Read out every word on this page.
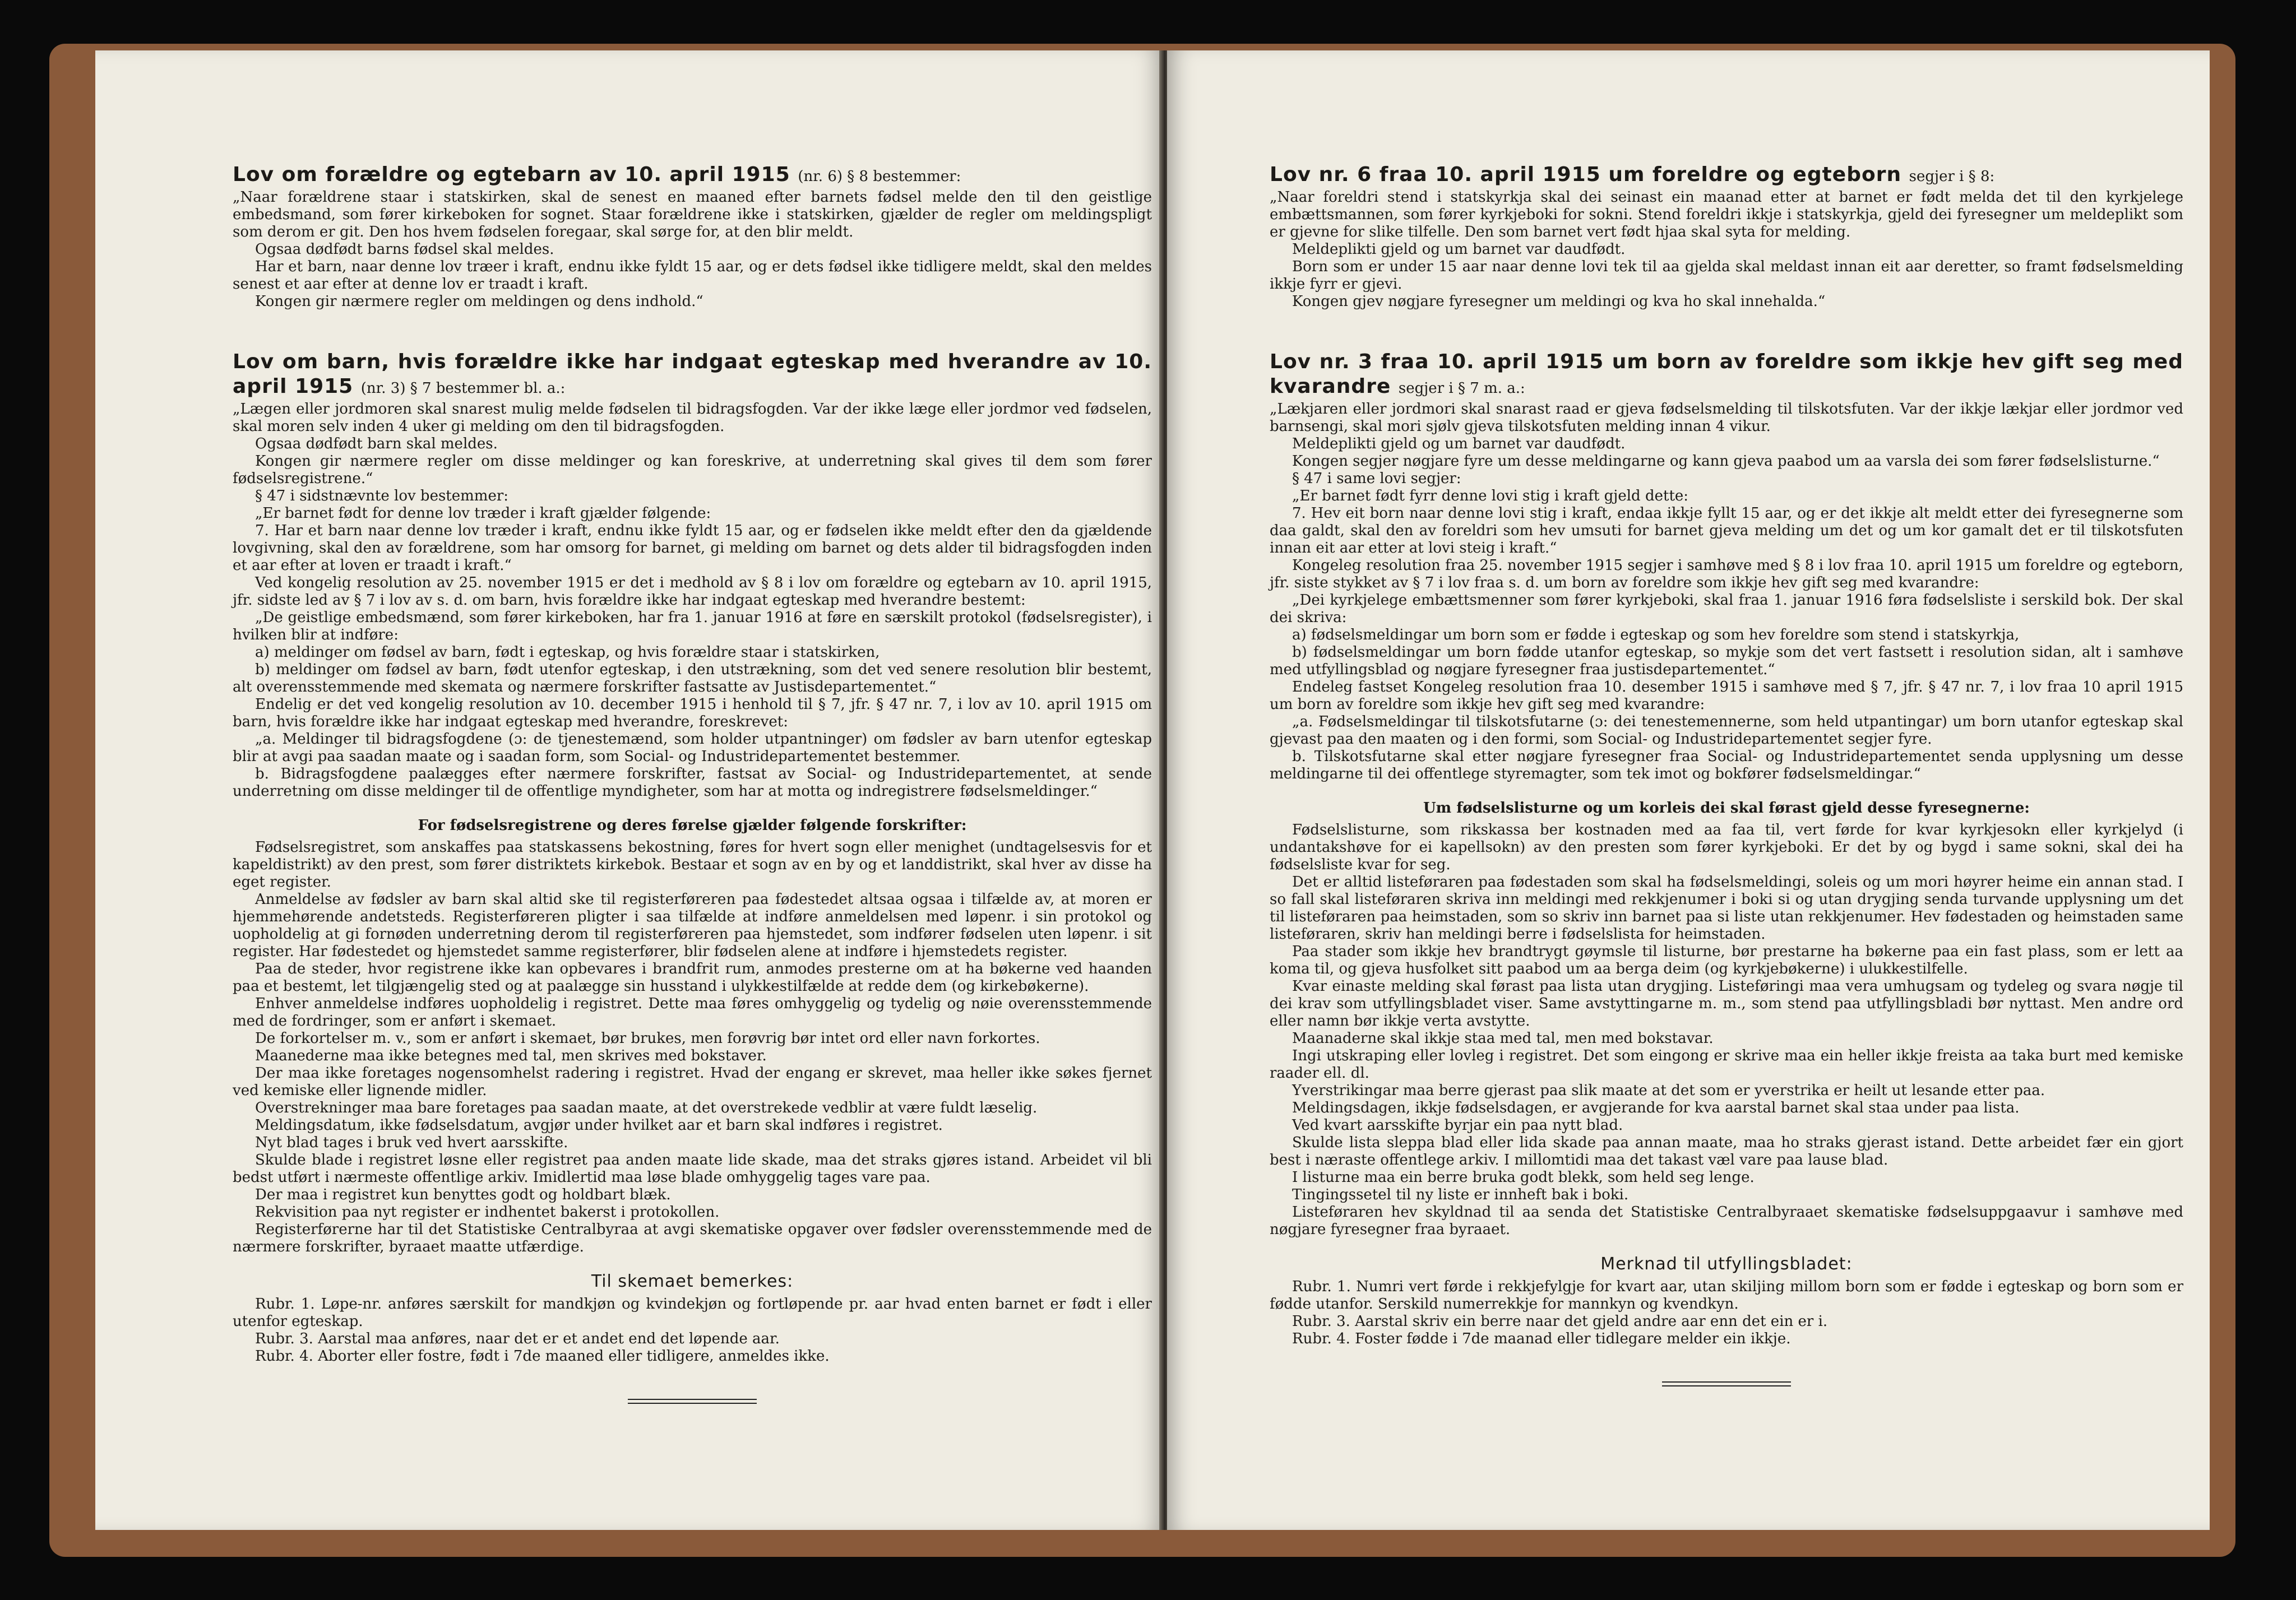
Lov om forældre og egtebarn av 10. april 1915 (nr. 6) § 8 bestemmer:

„Naar forældrene staar i statskirken, skal de senest en maaned efter barnets fødsel melde den til den geistlige embedsmand, som fører kirkeboken for sognet. Staar forældrene ikke i statskirken, gjælder de regler om meldingspligt som derom er git. Den hos hvem fødselen foregaar, skal sørge for, at den blir meldt.

Ogsaa dødfødt barns fødsel skal meldes.

Har et barn, naar denne lov træer i kraft, endnu ikke fyldt 15 aar, og er dets fødsel ikke tidligere meldt, skal den meldes senest et aar efter at denne lov er traadt i kraft.

Kongen gir nærmere regler om meldingen og dens indhold.“

Lov om barn, hvis forældre ikke har indgaat egteskap med hverandre av 10. april 1915 (nr. 3) § 7 bestemmer bl. a.:

„Lægen eller jordmoren skal snarest mulig melde fødselen til bidragsfogden. Var der ikke læge eller jordmor ved fødselen, skal moren selv inden 4 uker gi melding om den til bidragsfogden.

Ogsaa dødfødt barn skal meldes.

Kongen gir nærmere regler om disse meldinger og kan foreskrive, at underretning skal gives til dem som fører fødselsregistrene.“

§ 47 i sidstnævnte lov bestemmer:

„Er barnet født for denne lov træder i kraft gjælder følgende:

7. Har et barn naar denne lov træder i kraft, endnu ikke fyldt 15 aar, og er fødselen ikke meldt efter den da gjældende lovgivning, skal den av forældrene, som har omsorg for barnet, gi melding om barnet og dets alder til bidragsfogden inden et aar efter at loven er traadt i kraft.“

Ved kongelig resolution av 25. november 1915 er det i medhold av § 8 i lov om forældre og egtebarn av 10. april 1915, jfr. sidste led av § 7 i lov av s. d. om barn, hvis forældre ikke har indgaat egteskap med hverandre bestemt:

„De geistlige embedsmænd, som fører kirkeboken, har fra 1. januar 1916 at føre en særskilt protokol (fødselsregister), i hvilken blir at indføre:

a) meldinger om fødsel av barn, født i egteskap, og hvis forældre staar i statskirken,

b) meldinger om fødsel av barn, født utenfor egteskap, i den utstrækning, som det ved senere resolution blir bestemt, alt overensstemmende med skemata og nærmere forskrifter fastsatte av Justisdepartementet.“

Endelig er det ved kongelig resolution av 10. december 1915 i henhold til § 7, jfr. § 47 nr. 7, i lov av 10. april 1915 om barn, hvis forældre ikke har indgaat egteskap med hverandre, foreskrevet:

„a. Meldinger til bidragsfogdene (ɔ: de tjenestemænd, som holder utpantninger) om fødsler av barn utenfor egteskap blir at avgi paa saadan maate og i saadan form, som Social- og Industridepartementet bestemmer.

b. Bidragsfogdene paalægges efter nærmere forskrifter, fastsat av Social- og Industridepartementet, at sende underretning om disse meldinger til de offentlige myndigheter, som har at motta og indregistrere fødselsmeldinger.“

For fødselsregistrene og deres førelse gjælder følgende forskrifter:

Fødselsregistret, som anskaffes paa statskassens bekostning, føres for hvert sogn eller menighet (undtagelsesvis for et kapeldistrikt) av den prest, som fører distriktets kirkebok. Bestaar et sogn av en by og et landdistrikt, skal hver av disse ha eget register.

Anmeldelse av fødsler av barn skal altid ske til registerføreren paa fødestedet altsaa ogsaa i tilfælde av, at moren er hjemmehørende andetsteds. Registerføreren pligter i saa tilfælde at indføre anmeldelsen med løpenr. i sin protokol og uopholdelig at gi fornøden underretning derom til registerføreren paa hjemstedet, som indfører fødselen uten løpenr. i sit register. Har fødestedet og hjemstedet samme registerfører, blir fødselen alene at indføre i hjemstedets register.

Paa de steder, hvor registrene ikke kan opbevares i brandfrit rum, anmodes presterne om at ha bøkerne ved haanden paa et bestemt, let tilgjængelig sted og at paalægge sin husstand i ulykkestilfælde at redde dem (og kirkebøkerne).

Enhver anmeldelse indføres uopholdelig i registret. Dette maa føres omhyggelig og tydelig og nøie overensstemmende med de fordringer, som er anført i skemaet.

De forkortelser m. v., som er anført i skemaet, bør brukes, men forøvrig bør intet ord eller navn forkortes.

Maanederne maa ikke betegnes med tal, men skrives med bokstaver.

Der maa ikke foretages nogensomhelst radering i registret. Hvad der engang er skrevet, maa heller ikke søkes fjernet ved kemiske eller lignende midler.

Overstrekninger maa bare foretages paa saadan maate, at det overstrekede vedblir at være fuldt læselig.

Meldingsdatum, ikke fødselsdatum, avgjør under hvilket aar et barn skal indføres i registret.

Nyt blad tages i bruk ved hvert aarsskifte.

Skulde blade i registret løsne eller registret paa anden maate lide skade, maa det straks gjøres istand. Arbeidet vil bli bedst utført i nærmeste offentlige arkiv. Imidlertid maa løse blade omhyggelig tages vare paa.

Der maa i registret kun benyttes godt og holdbart blæk.

Rekvisition paa nyt register er indhentet bakerst i protokollen.

Registerførerne har til det Statistiske Centralbyraa at avgi skematiske opgaver over fødsler overensstemmende med de nærmere forskrifter, byraaet maatte utfærdige.

Til skemaet bemerkes:

Rubr. 1. Løpe-nr. anføres særskilt for mandkjøn og kvindekjøn og fortløpende pr. aar hvad enten barnet er født i eller utenfor egteskap.

Rubr. 3. Aarstal maa anføres, naar det er et andet end det løpende aar.

Rubr. 4. Aborter eller fostre, født i 7de maaned eller tidligere, anmeldes ikke.

Lov nr. 6 fraa 10. april 1915 um foreldre og egteborn segjer i § 8:

„Naar foreldri stend i statskyrkja skal dei seinast ein maanad etter at barnet er født melda det til den kyrkjelege embættsmannen, som fører kyrkjeboki for sokni. Stend foreldri ikkje i statskyrkja, gjeld dei fyresegner um meldeplikt som er gjevne for slike tilfelle. Den som barnet vert født hjaa skal syta for melding.

Meldeplikti gjeld og um barnet var daudfødt.

Born som er under 15 aar naar denne lovi tek til aa gjelda skal meldast innan eit aar deretter, so framt fødselsmelding ikkje fyrr er gjevi.

Kongen gjev nøgjare fyresegner um meldingi og kva ho skal innehalda.“

Lov nr. 3 fraa 10. april 1915 um born av foreldre som ikkje hev gift seg med kvarandre segjer i § 7 m. a.:

„Lækjaren eller jordmori skal snarast raad er gjeva fødselsmelding til tilskotsfuten. Var der ikkje lækjar eller jordmor ved barnsengi, skal mori sjølv gjeva tilskotsfuten melding innan 4 vikur.

Meldeplikti gjeld og um barnet var daudfødt.

Kongen segjer nøgjare fyre um desse meldingarne og kann gjeva paabod um aa varsla dei som fører fødselslisturne.“

§ 47 i same lovi segjer:

„Er barnet født fyrr denne lovi stig i kraft gjeld dette:

7. Hev eit born naar denne lovi stig i kraft, endaa ikkje fyllt 15 aar, og er det ikkje alt meldt etter dei fyresegnerne som daa galdt, skal den av foreldri som hev umsuti for barnet gjeva melding um det og um kor gamalt det er til tilskotsfuten innan eit aar etter at lovi steig i kraft.“

Kongeleg resolution fraa 25. november 1915 segjer i samhøve med § 8 i lov fraa 10. april 1915 um foreldre og egteborn, jfr. siste stykket av § 7 i lov fraa s. d. um born av foreldre som ikkje hev gift seg med kvarandre:

„Dei kyrkjelege embættsmenner som fører kyrkjeboki, skal fraa 1. januar 1916 føra fødselsliste i serskild bok. Der skal dei skriva:

a) fødselsmeldingar um born som er fødde i egteskap og som hev foreldre som stend i statskyrkja,

b) fødselsmeldingar um born fødde utanfor egteskap, so mykje som det vert fastsett i resolution sidan, alt i samhøve med utfyllingsblad og nøgjare fyresegner fraa justisdepartementet.“

Endeleg fastset Kongeleg resolution fraa 10. desember 1915 i samhøve med § 7, jfr. § 47 nr. 7, i lov fraa 10 april 1915 um born av foreldre som ikkje hev gift seg med kvarandre:

„a. Fødselsmeldingar til tilskotsfutarne (ɔ: dei tenestemennerne, som held utpantingar) um born utanfor egteskap skal gjevast paa den maaten og i den formi, som Social- og Industridepartementet segjer fyre.

b. Tilskotsfutarne skal etter nøgjare fyresegner fraa Social- og Industridepartementet senda upplysning um desse meldingarne til dei offentlege styremagter, som tek imot og bokfører fødselsmeldingar.“

Um fødselslisturne og um korleis dei skal førast gjeld desse fyresegnerne:

Fødselslisturne, som rikskassa ber kostnaden med aa faa til, vert førde for kvar kyrkjesokn eller kyrkjelyd (i undantakshøve for ei kapellsokn) av den presten som fører kyrkjeboki. Er det by og bygd i same sokni, skal dei ha fødselsliste kvar for seg.

Det er alltid listeføraren paa fødestaden som skal ha fødselsmeldingi, soleis og um mori høyrer heime ein annan stad. I so fall skal listeføraren skriva inn meldingi med rekkjenumer i boki si og utan drygjing senda turvande upplysning um det til listeføraren paa heimstaden, som so skriv inn barnet paa si liste utan rekkjenumer. Hev fødestaden og heimstaden same listeføraren, skriv han meldingi berre i fødselslista for heimstaden.

Paa stader som ikkje hev brandtrygt gøymsle til listurne, bør prestarne ha bøkerne paa ein fast plass, som er lett aa koma til, og gjeva husfolket sitt paabod um aa berga deim (og kyrkjebøkerne) i ulukkestilfelle.

Kvar einaste melding skal førast paa lista utan drygjing. Listeføringi maa vera umhugsam og tydeleg og svara nøgje til dei krav som utfyllingsbladet viser. Same avstyttingarne m. m., som stend paa utfyllingsbladi bør nyttast. Men andre ord eller namn bør ikkje verta avstytte.

Maanaderne skal ikkje staa med tal, men med bokstavar.

Ingi utskraping eller lovleg i registret. Det som eingong er skrive maa ein heller ikkje freista aa taka burt med kemiske raader ell. dl.

Yverstrikingar maa berre gjerast paa slik maate at det som er yverstrika er heilt ut lesande etter paa.

Meldingsdagen, ikkje fødselsdagen, er avgjerande for kva aarstal barnet skal staa under paa lista.

Ved kvart aarsskifte byrjar ein paa nytt blad.

Skulde lista sleppa blad eller lida skade paa annan maate, maa ho straks gjerast istand. Dette arbeidet fær ein gjort best i næraste offentlege arkiv. I millomtidi maa det takast væl vare paa lause blad.

I listurne maa ein berre bruka godt blekk, som held seg lenge.

Tingingssetel til ny liste er innheft bak i boki.

Listeføraren hev skyldnad til aa senda det Statistiske Centralbyraaet skematiske fødselsuppgaavur i samhøve med nøgjare fyresegner fraa byraaet.

Merknad til utfyllingsbladet:

Rubr. 1. Numri vert førde i rekkjefylgje for kvart aar, utan skiljing millom born som er fødde i egteskap og born som er fødde utanfor. Serskild numerrekkje for mannkyn og kvendkyn.

Rubr. 3. Aarstal skriv ein berre naar det gjeld andre aar enn det ein er i.

Rubr. 4. Foster fødde i 7de maanad eller tidlegare melder ein ikkje.
